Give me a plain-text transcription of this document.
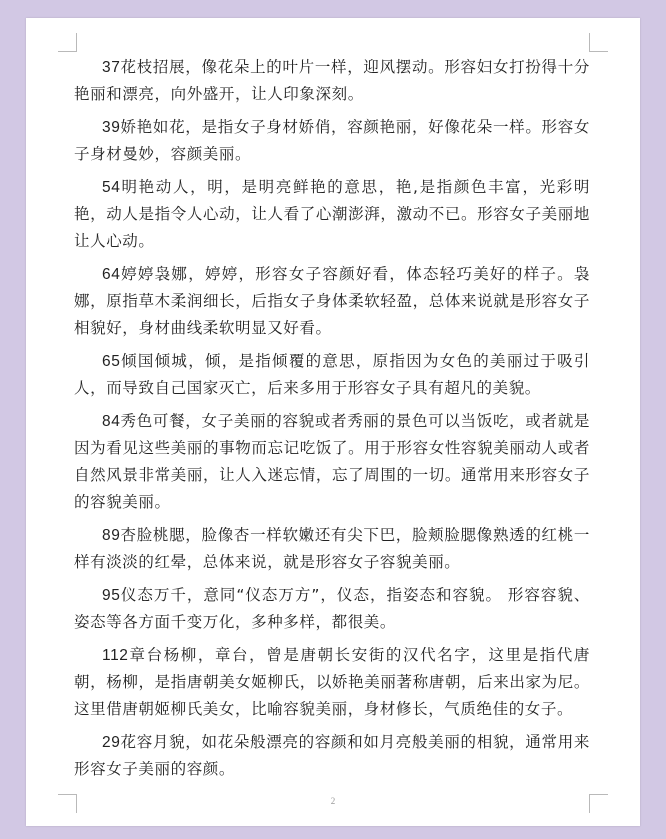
37花枝招展，像花朵上的叶片一样，迎风摆动。形容妇女打扮得十分艳丽和漂亮，向外盛开，让人印象深刻。

39娇艳如花，是指女子身材娇俏，容颜艳丽，好像花朵一样。形容女子身材曼妙，容颜美丽。

54明艳动人，明，是明亮鲜艳的意思，艳,是指颜色丰富，光彩明艳，动人是指令人心动，让人看了心潮澎湃，激动不已。形容女子美丽地让人心动。

64婷婷袅娜，婷婷，形容女子容颜好看，体态轻巧美好的样子。袅娜，原指草木柔润细长，后指女子身体柔软轻盈，总体来说就是形容女子相貌好，身材曲线柔软明显又好看。

65倾国倾城，倾，是指倾覆的意思，原指因为女色的美丽过于吸引人，而导致自己国家灭亡，后来多用于形容女子具有超凡的美貌。

84秀色可餐，女子美丽的容貌或者秀丽的景色可以当饭吃，或者就是因为看见这些美丽的事物而忘记吃饭了。用于形容女性容貌美丽动人或者自然风景非常美丽，让人入迷忘情，忘了周围的一切。通常用来形容女子的容貌美丽。

89杏脸桃腮，脸像杏一样软嫩还有尖下巴，脸颊脸腮像熟透的红桃一样有淡淡的红晕，总体来说，就是形容女子容貌美丽。

95仪态万千，意同“仪态万方”，仪态，指姿态和容貌。 形容容貌、姿态等各方面千变万化，多种多样，都很美。

112章台杨柳，章台，曾是唐朝长安街的汉代名字，这里是指代唐朝，杨柳，是指唐朝美女姬柳氏，以娇艳美丽著称唐朝，后来出家为尼。这里借唐朝姬柳氏美女，比喻容貌美丽，身材修长，气质绝佳的女子。

29花容月貌，如花朵般漂亮的容颜和如月亮般美丽的相貌，通常用来形容女子美丽的容颜。

2
